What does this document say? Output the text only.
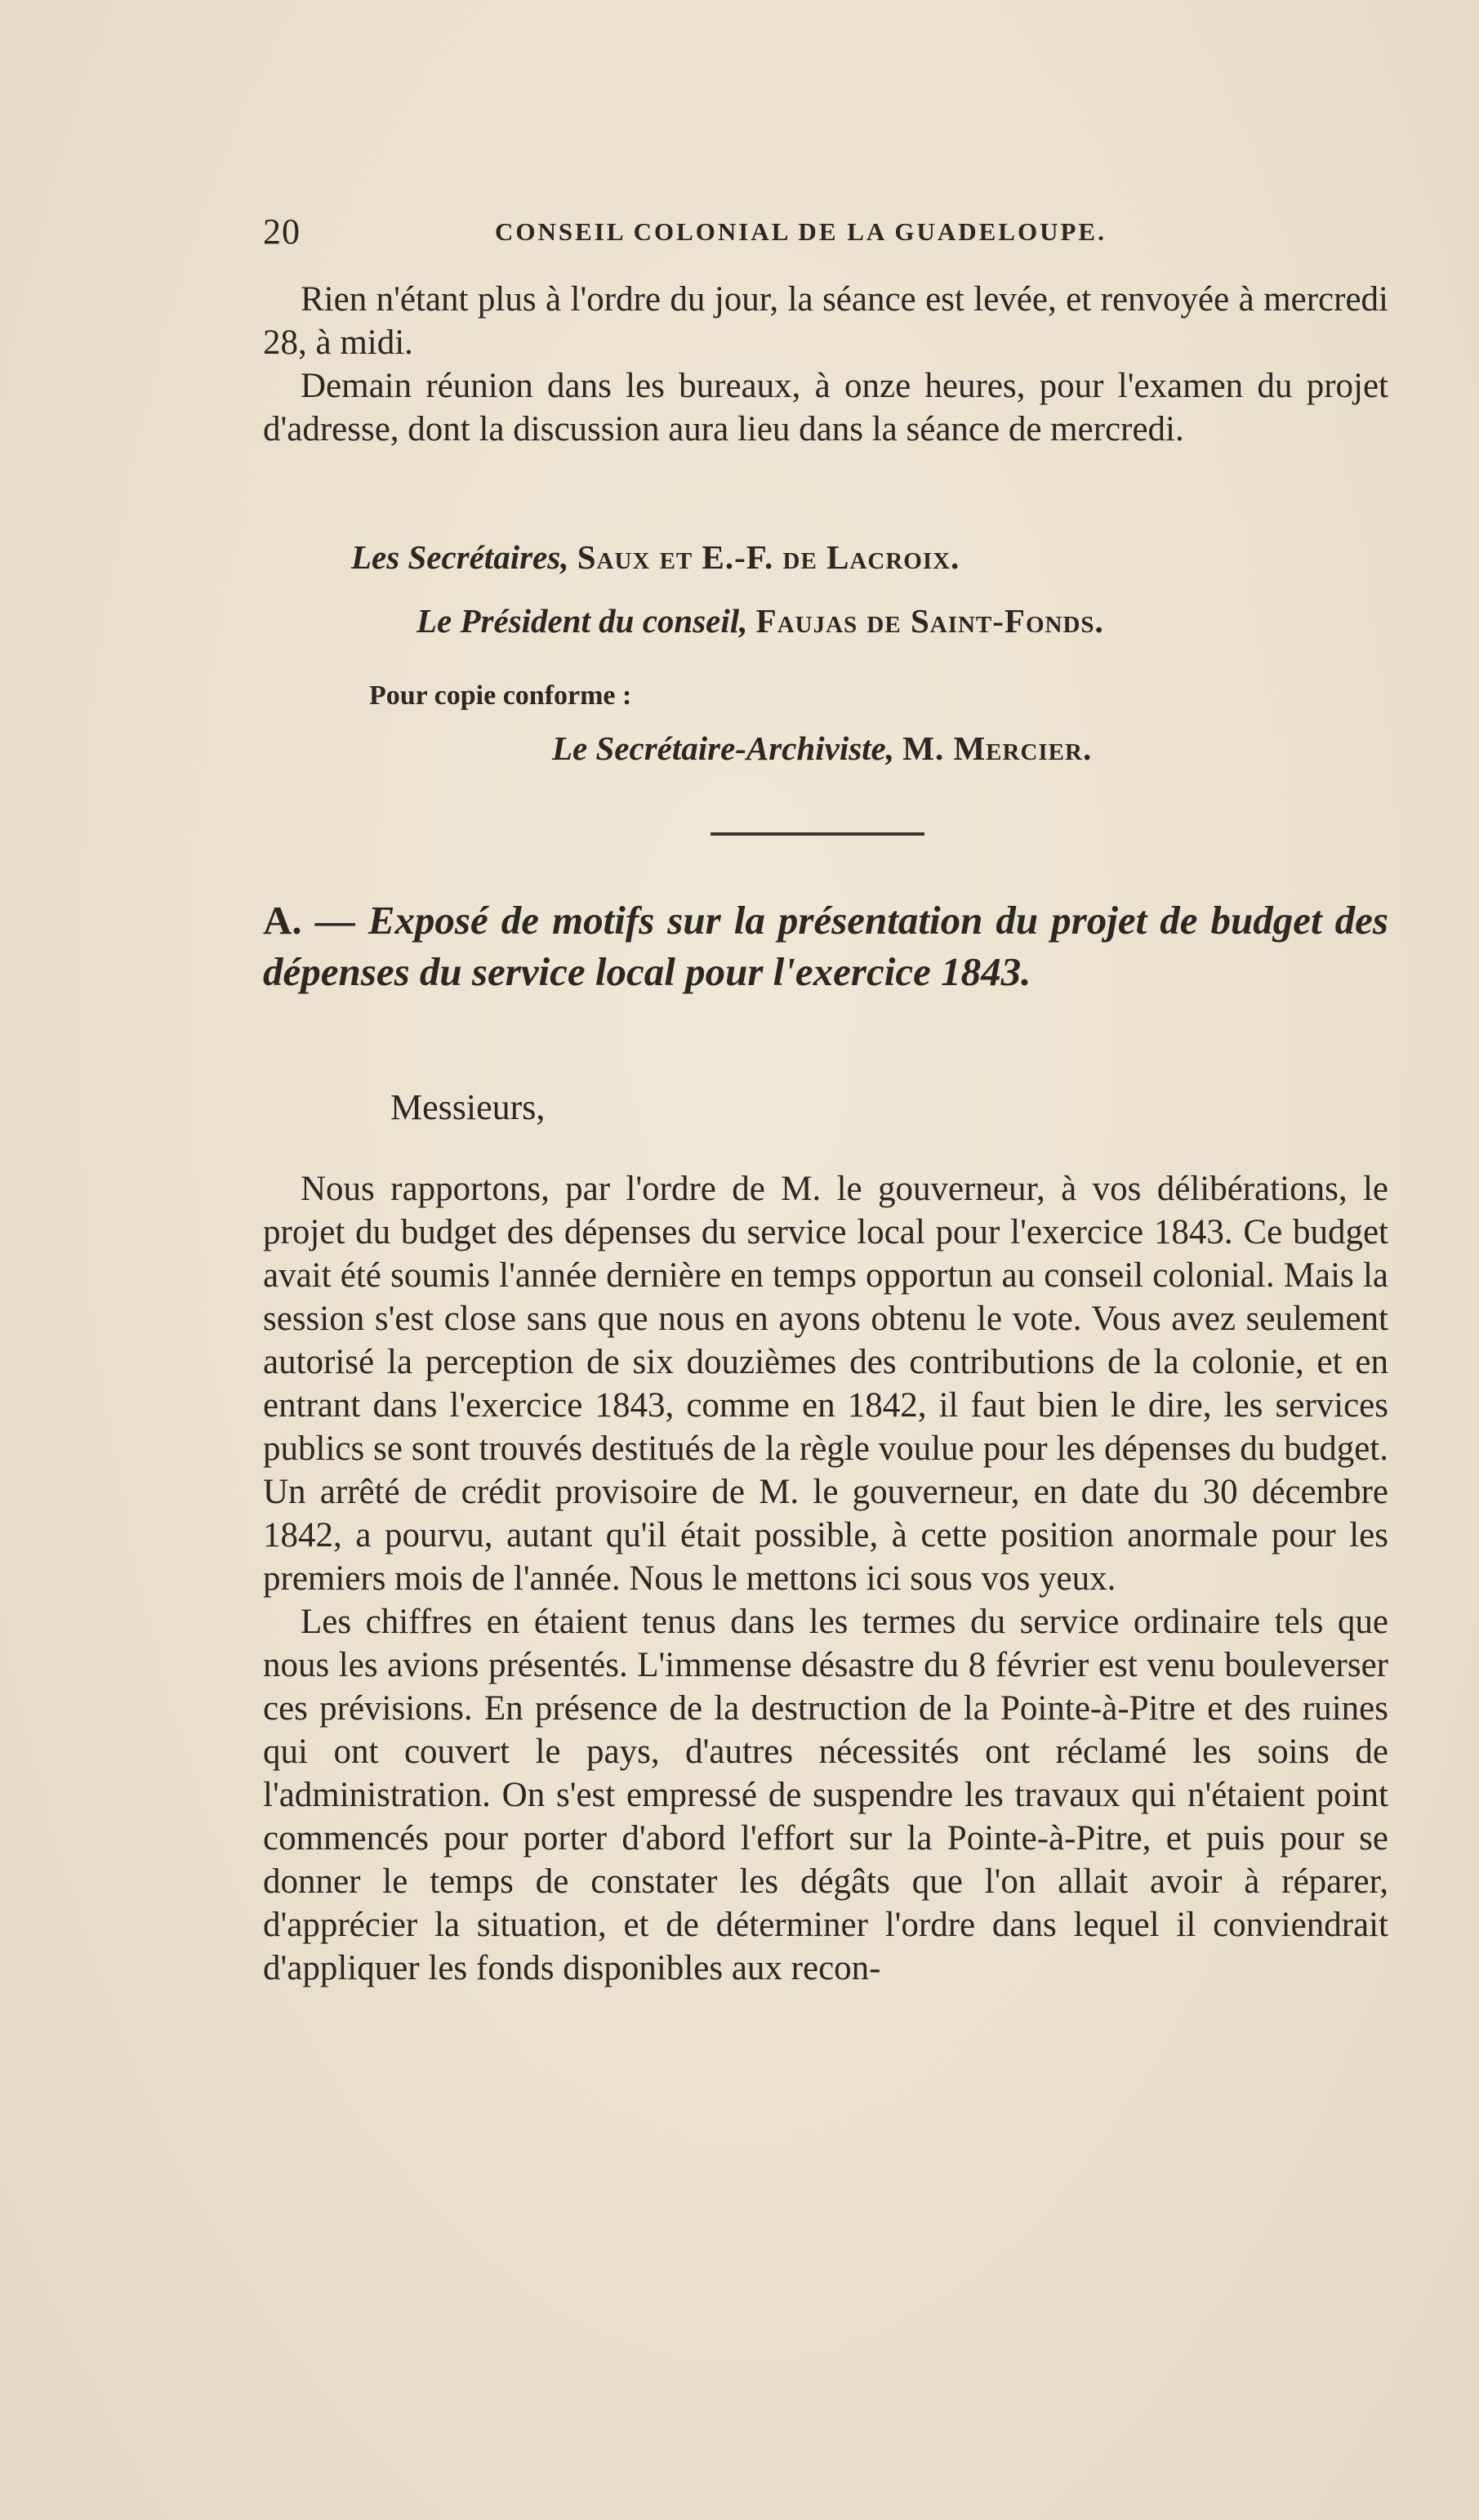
20	CONSEIL COLONIAL DE LA GUADELOUPE.

Rien n'étant plus à l'ordre du jour, la séance est levée, et renvoyée à mercredi 28, à midi.

Demain réunion dans les bureaux, à onze heures, pour l'examen du projet d'adresse, dont la discussion aura lieu dans la séance de mercredi.

Les Secrétaires, Saux et E.-F. de Lacroix.
Le Président du conseil, Faujas de Saint-Fonds.
Pour copie conforme :
Le Secrétaire-Archiviste, M. Mercier.
A. — Exposé de motifs sur la présentation du projet de budget des dépenses du service local pour l'exercice 1843.
Messieurs,

Nous rapportons, par l'ordre de M. le gouverneur, à vos délibérations, le projet du budget des dépenses du service local pour l'exercice 1843. Ce budget avait été soumis l'année dernière en temps opportun au conseil colonial. Mais la session s'est close sans que nous en ayons obtenu le vote. Vous avez seulement autorisé la perception de six douzièmes des contributions de la colonie, et en entrant dans l'exercice 1843, comme en 1842, il faut bien le dire, les services publics se sont trouvés destitués de la règle voulue pour les dépenses du budget. Un arrêté de crédit provisoire de M. le gouverneur, en date du 30 décembre 1842, a pourvu, autant qu'il était possible, à cette position anormale pour les premiers mois de l'année. Nous le mettons ici sous vos yeux.

Les chiffres en étaient tenus dans les termes du service ordinaire tels que nous les avions présentés. L'immense désastre du 8 février est venu bouleverser ces prévisions. En présence de la destruction de la Pointe-à-Pitre et des ruines qui ont couvert le pays, d'autres nécessités ont réclamé les soins de l'administration. On s'est empressé de suspendre les travaux qui n'étaient point commencés pour porter d'abord l'effort sur la Pointe-à-Pitre, et puis pour se donner le temps de constater les dégâts que l'on allait avoir à réparer, d'apprécier la situation, et de déterminer l'ordre dans lequel il conviendrait d'appliquer les fonds disponibles aux recon-
